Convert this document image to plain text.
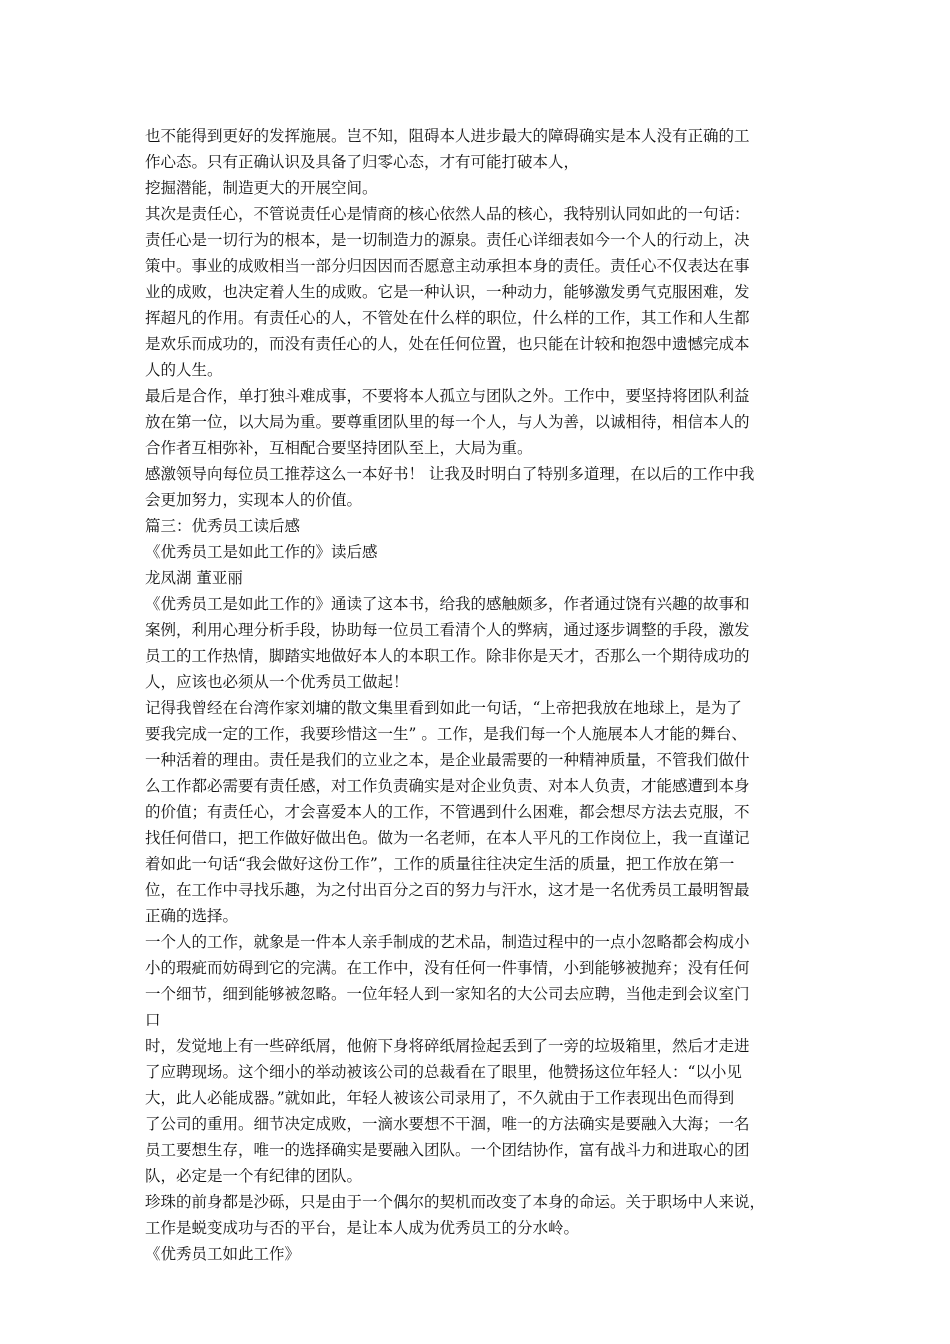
也不能得到更好的发挥施展。岂不知，阻碍本人进步最大的障碍确实是本人没有正确的工
作心态。只有正确认识及具备了归零心态，才有可能打破本人，
挖掘潜能，制造更大的开展空间。
其次是责任心，不管说责任心是情商的核心依然人品的核心，我特别认同如此的一句话：
责任心是一切行为的根本，是一切制造力的源泉。责任心详细表如今一个人的行动上，决
策中。事业的成败相当一部分归因因而否愿意主动承担本身的责任。责任心不仅表达在事
业的成败，也决定着人生的成败。它是一种认识，一种动力，能够激发勇气克服困难，发
挥超凡的作用。有责任心的人，不管处在什么样的职位，什么样的工作，其工作和人生都
是欢乐而成功的，而没有责任心的人，处在任何位置，也只能在计较和抱怨中遗憾完成本
人的人生。
最后是合作，单打独斗难成事，不要将本人孤立与团队之外。工作中，要坚持将团队利益
放在第一位，以大局为重。要尊重团队里的每一个人，与人为善，以诚相待，相信本人的
合作者互相弥补，互相配合要坚持团队至上，大局为重。
感激领导向每位员工推荐这么一本好书！ 让我及时明白了特别多道理，在以后的工作中我
会更加努力，实现本人的价值。
篇三：优秀员工读后感
《优秀员工是如此工作的》读后感
龙凤湖 董亚丽
《优秀员工是如此工作的》通读了这本书，给我的感触颇多，作者通过饶有兴趣的故事和
案例，利用心理分析手段，协助每一位员工看清个人的弊病，通过逐步调整的手段，激发
员工的工作热情，脚踏实地做好本人的本职工作。除非你是天才，否那么一个期待成功的
人，应该也必须从一个优秀员工做起！
记得我曾经在台湾作家刘墉的散文集里看到如此一句话，“上帝把我放在地球上，是为了
要我完成一定的工作，我要珍惜这一生” 。工作，是我们每一个人施展本人才能的舞台、
一种活着的理由。责任是我们的立业之本，是企业最需要的一种精神质量，不管我们做什
么工作都必需要有责任感，对工作负责确实是对企业负责、对本人负责，才能感遭到本身
的价值；有责任心，才会喜爱本人的工作，不管遇到什么困难，都会想尽方法去克服，不
找任何借口，把工作做好做出色。做为一名老师，在本人平凡的工作岗位上，我一直谨记
着如此一句话“我会做好这份工作”，工作的质量往往决定生活的质量，把工作放在第一
位，在工作中寻找乐趣，为之付出百分之百的努力与汗水，这才是一名优秀员工最明智最
正确的选择。
一个人的工作，就象是一件本人亲手制成的艺术品，制造过程中的一点小忽略都会构成小
小的瑕疵而妨碍到它的完满。在工作中，没有任何一件事情，小到能够被抛弃；没有任何
一个细节，细到能够被忽略。一位年轻人到一家知名的大公司去应聘，当他走到会议室门
口
时，发觉地上有一些碎纸屑，他俯下身将碎纸屑捡起丢到了一旁的垃圾箱里，然后才走进
了应聘现场。这个细小的举动被该公司的总裁看在了眼里，他赞扬这位年轻人：“以小见
大，此人必能成器。”就如此，年轻人被该公司录用了，不久就由于工作表现出色而得到
了公司的重用。细节决定成败，一滴水要想不干涸，唯一的方法确实是要融入大海；一名
员工要想生存，唯一的选择确实是要融入团队。一个团结协作，富有战斗力和进取心的团
队，必定是一个有纪律的团队。
珍珠的前身都是沙砾，只是由于一个偶尔的契机而改变了本身的命运。关于职场中人来说，
工作是蜕变成功与否的平台，是让本人成为优秀员工的分水岭。
《优秀员工如此工作》
